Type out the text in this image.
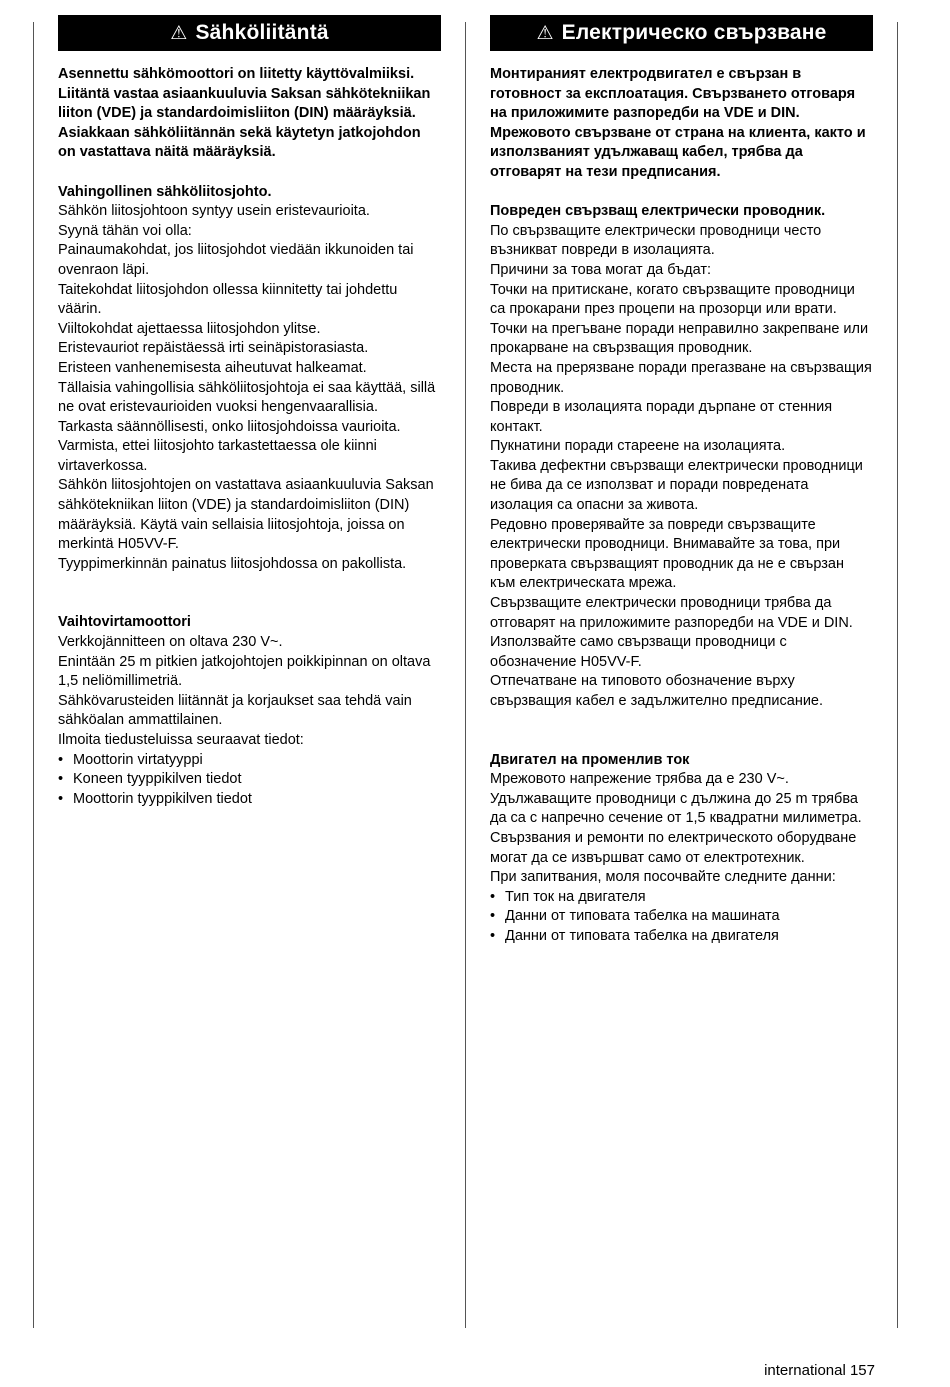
⚠ Sähköliitäntä

Asennettu sähkömoottori on liitetty käyttövalmiiksi. Liitäntä vastaa asiaankuuluvia Saksan sähkötekniikan liiton (VDE) ja standardoimisliiton (DIN) määräyksiä. Asiakkaan sähköliitännän sekä käytetyn jatkojohdon on vastattava näitä määräyksiä.

Vahingollinen sähköliitosjohto.

Sähkön liitosjohtoon syntyy usein eristevaurioita.

Syynä tähän voi olla:

Painaumakohdat, jos liitosjohdot viedään ikkunoiden tai ovenraon läpi.

Taitekohdat liitosjohdon ollessa kiinnitetty tai johdettu väärin.

Viiltokohdat ajettaessa liitosjohdon ylitse.

Eristevauriot repäistäessä irti seinäpistorasiasta.

Eristeen vanhenemisesta aiheutuvat halkeamat.

Tällaisia vahingollisia sähköliitosjohtoja ei saa käyttää, sillä ne ovat eristevaurioiden vuoksi hengenvaarallisia.

Tarkasta säännöllisesti, onko liitosjohdoissa vaurioita. Varmista, ettei liitosjohto tarkastettaessa ole kiinni virtaverkossa.

Sähkön liitosjohtojen on vastattava asiaankuuluvia Saksan sähkötekniikan liiton (VDE) ja standardoimisliiton (DIN) määräyksiä. Käytä vain sellaisia liitosjohtoja, joissa on merkintä H05VV-F.

Tyyppimerkinnän painatus liitosjohdossa on pakollista.

Vaihtovirtamoottori

Verkkojännitteen on oltava 230 V~.

Enintään 25 m pitkien jatkojohtojen poikkipinnan on oltava 1,5 neliömillimetriä.

Sähkövarusteiden liitännät ja korjaukset saa tehdä vain sähköalan ammattilainen.

Ilmoita tiedusteluissa seuraavat tiedot:

• Moottorin virtatyyppi
• Koneen tyyppikilven tiedot
• Moottorin tyyppikilven tiedot
⚠ Електрическо свързване

Монтираният електродвигател е свързан в готовност за експлоатация. Свързването отговаря на приложимите разпоредби на VDE и DIN. Мрежовото свързване от страна на клиента, както и използваният удължаващ кабел, трябва да отговарят на тези предписания.

Повреден свързващ електрически проводник.

По свързващите електрически проводници често възникват повреди в изолацията.

Причини за това могат да бъдат:

Точки на притискане, когато свързващите проводници са прокарани през процепи на прозорци или врати.

Точки на прегъване поради неправилно закрепване или прокарване на свързващия проводник.

Места на прерязване поради прегазване на свързващия проводник.

Повреди в изолацията поради дърпане от стенния контакт.

Пукнатини поради стареене на изолацията.

Такива дефектни свързващи електрически проводници не бива да се използват и поради повредената изолация са опасни за живота.

Редовно проверявайте за повреди свързващите електрически проводници. Внимавайте за това, при проверката свързващият проводник да не е свързан към електрическата мрежа.

Свързващите електрически проводници трябва да отговарят на приложимите разпоредби на VDE и DIN. Използвайте само свързващи проводници с обозначение H05VV-F.

Отпечатване на типовото обозначение върху свързващия кабел е задължително предписание.

Двигател на променлив ток

Мрежовото напрежение трябва да е 230 V~.

Удължаващите проводници с дължина до 25 m трябва да са с напречно сечение от 1,5 квадратни милиметра.

Свързвания и ремонти по електрическото оборудване могат да се извършват само от електротехник.

При запитвания, моля посочвайте следните данни:

• Тип ток на двигателя
• Данни от типовата табелка на машината
• Данни от типовата табелка на двигателя
international 157
